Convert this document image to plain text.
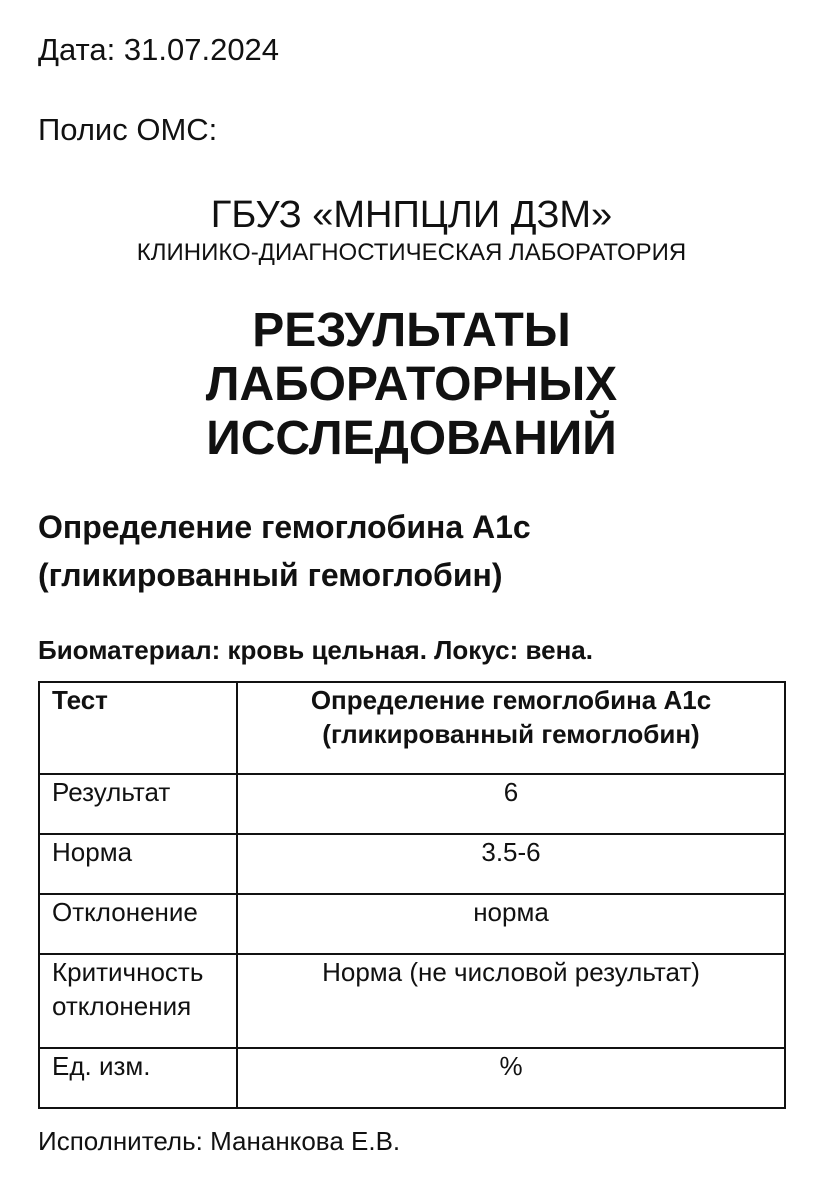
Дата: 31.07.2024
Полис ОМС:
ГБУЗ «МНПЦЛИ ДЗМ»
КЛИНИКО-ДИАГНОСТИЧЕСКАЯ ЛАБОРАТОРИЯ
РЕЗУЛЬТАТЫ
ЛАБОРАТОРНЫХ
ИССЛЕДОВАНИЙ
Определение гемоглобина А1с
(гликированный гемоглобин)
Биоматериал: кровь цельная. Локус: вена.
Тест	Определение гемоглобина А1с
(гликированный гемоглобин)

Результат	6
Норма	3.5-6
Отклонение	норма

Критичность
отклонения	Норма (не числовой результат)
Ед. изм.	%
Исполнитель: Мананкова Е.В.
